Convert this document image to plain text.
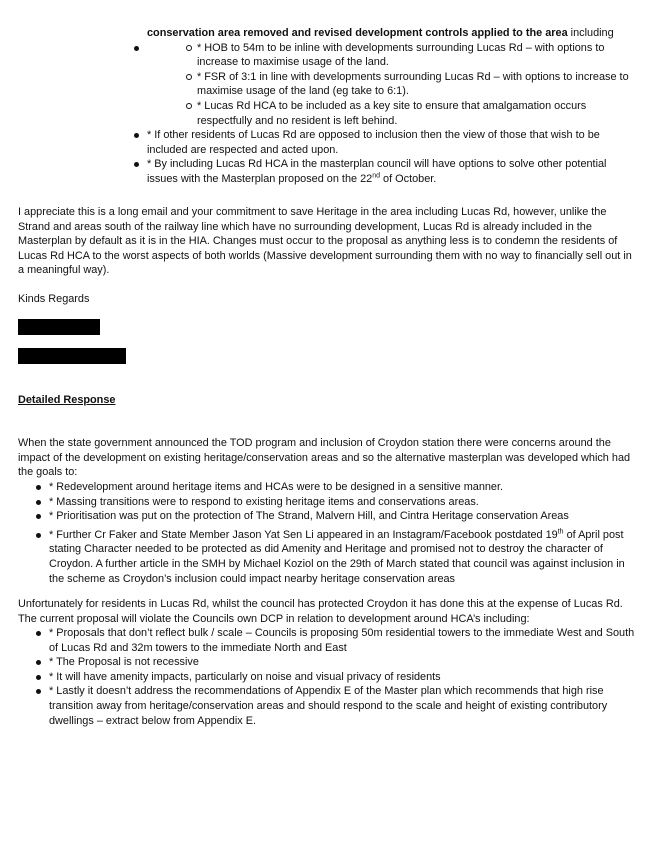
conservation area removed and revised development controls applied to the area including
* HOB to 54m to be inline with developments surrounding Lucas Rd – with options to increase to maximise usage of the land.
* FSR of 3:1 in line with developments surrounding Lucas Rd – with options to increase to maximise usage of the land (eg take to 6:1).
* Lucas Rd HCA to be included as a key site to ensure that amalgamation occurs respectfully and no resident is left behind.
* If other residents of Lucas Rd are opposed to inclusion then the view of those that wish to be included are respected and acted upon.
* By including Lucas Rd HCA in the masterplan council will have options to solve other potential issues with the Masterplan proposed on the 22nd of October.

I appreciate this is a long email and your commitment to save Heritage in the area including Lucas Rd, however, unlike the Strand and areas south of the railway line which have no surrounding development, Lucas Rd is already included in the Masterplan by default as it is in the HIA. Changes must occur to the proposal as anything less is to condemn the residents of Lucas Rd HCA to the worst aspects of both worlds (Massive development surrounding them with no way to financially sell out in a meaningful way).

Kinds Regards

Detailed Response

When the state government announced the TOD program and inclusion of Croydon station there were concerns around the impact of the development on existing heritage/conservation areas and so the alternative masterplan was developed which had the goals to:

* Redevelopment around heritage items and HCAs were to be designed in a sensitive manner.
* Massing transitions were to respond to existing heritage items and conservations areas.
* Prioritisation was put on the protection of The Strand, Malvern Hill, and Cintra Heritage conservation Areas
* Further Cr Faker and State Member Jason Yat Sen Li appeared in an Instagram/Facebook postdated 19th of April post stating Character needed to be protected as did Amenity and Heritage and promised not to destroy the character of Croydon. A further article in the SMH by Michael Koziol on the 29th of March stated that council was against inclusion in the scheme as Croydon’s inclusion could impact nearby heritage conservation areas

Unfortunately for residents in Lucas Rd, whilst the council has protected Croydon it has done this at the expense of Lucas Rd. The current proposal will violate the Councils own DCP in relation to development around HCA’s including:

* Proposals that don’t reflect bulk / scale – Councils is proposing 50m residential towers to the immediate West and South of Lucas Rd and 32m towers to the immediate North and East
* The Proposal is not recessive
* It will have amenity impacts, particularly on noise and visual privacy of residents
* Lastly it doesn’t address the recommendations of Appendix E of the Master plan which recommends that high rise transition away from heritage/conservation areas and should respond to the scale and height of existing contributory dwellings – extract below from Appendix E.
